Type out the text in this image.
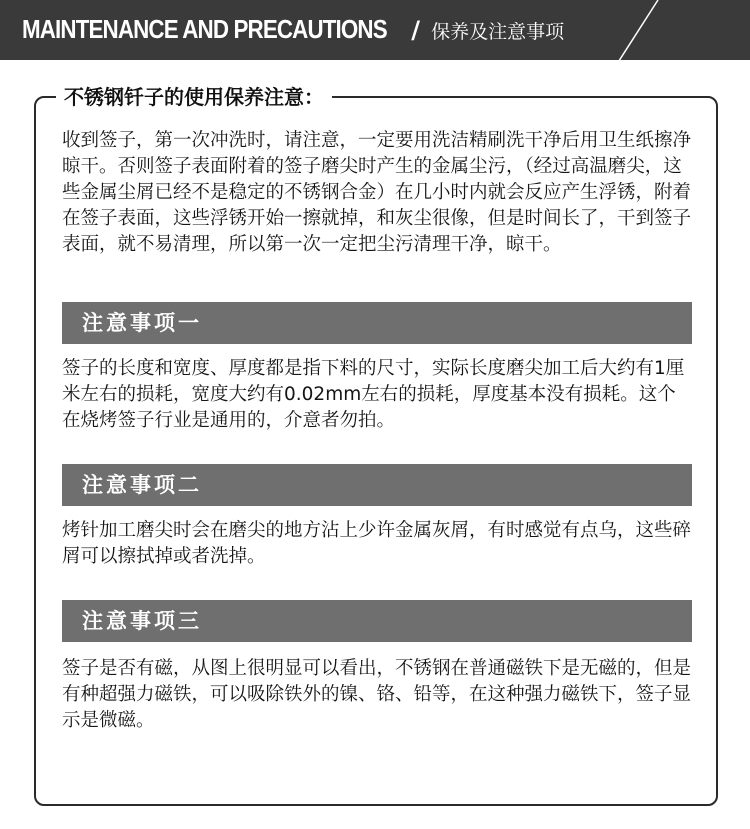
MAINTENANCE AND PRECAUTIONS / 保养及注意事项
不锈钢钎子的使用保养注意：

收到签子，第一次冲洗时，请注意，一定要用洗洁精刷洗干净后用卫生纸擦净晾干。否则签子表面附着的签子磨尖时产生的金属尘污，（经过高温磨尖，这些金属尘屑已经不是稳定的不锈钢合金）在几小时内就会反应产生浮锈，附着在签子表面，这些浮锈开始一擦就掉，和灰尘很像，但是时间长了，干到签子表面，就不易清理，所以第一次一定把尘污清理干净，晾干。

注意事项一

签子的长度和宽度、厚度都是指下料的尺寸，实际长度磨尖加工后大约有1厘米左右的损耗，宽度大约有0.02mm左右的损耗，厚度基本没有损耗。这个在烧烤签子行业是通用的，介意者勿拍。

注意事项二

烤针加工磨尖时会在磨尖的地方沾上少许金属灰屑，有时感觉有点乌，这些碎屑可以擦拭掉或者洗掉。

注意事项三

签子是否有磁，从图上很明显可以看出，不锈钢在普通磁铁下是无磁的，但是有种超强力磁铁，可以吸除铁外的镍、铬、铅等，在这种强力磁铁下，签子显示是微磁。
